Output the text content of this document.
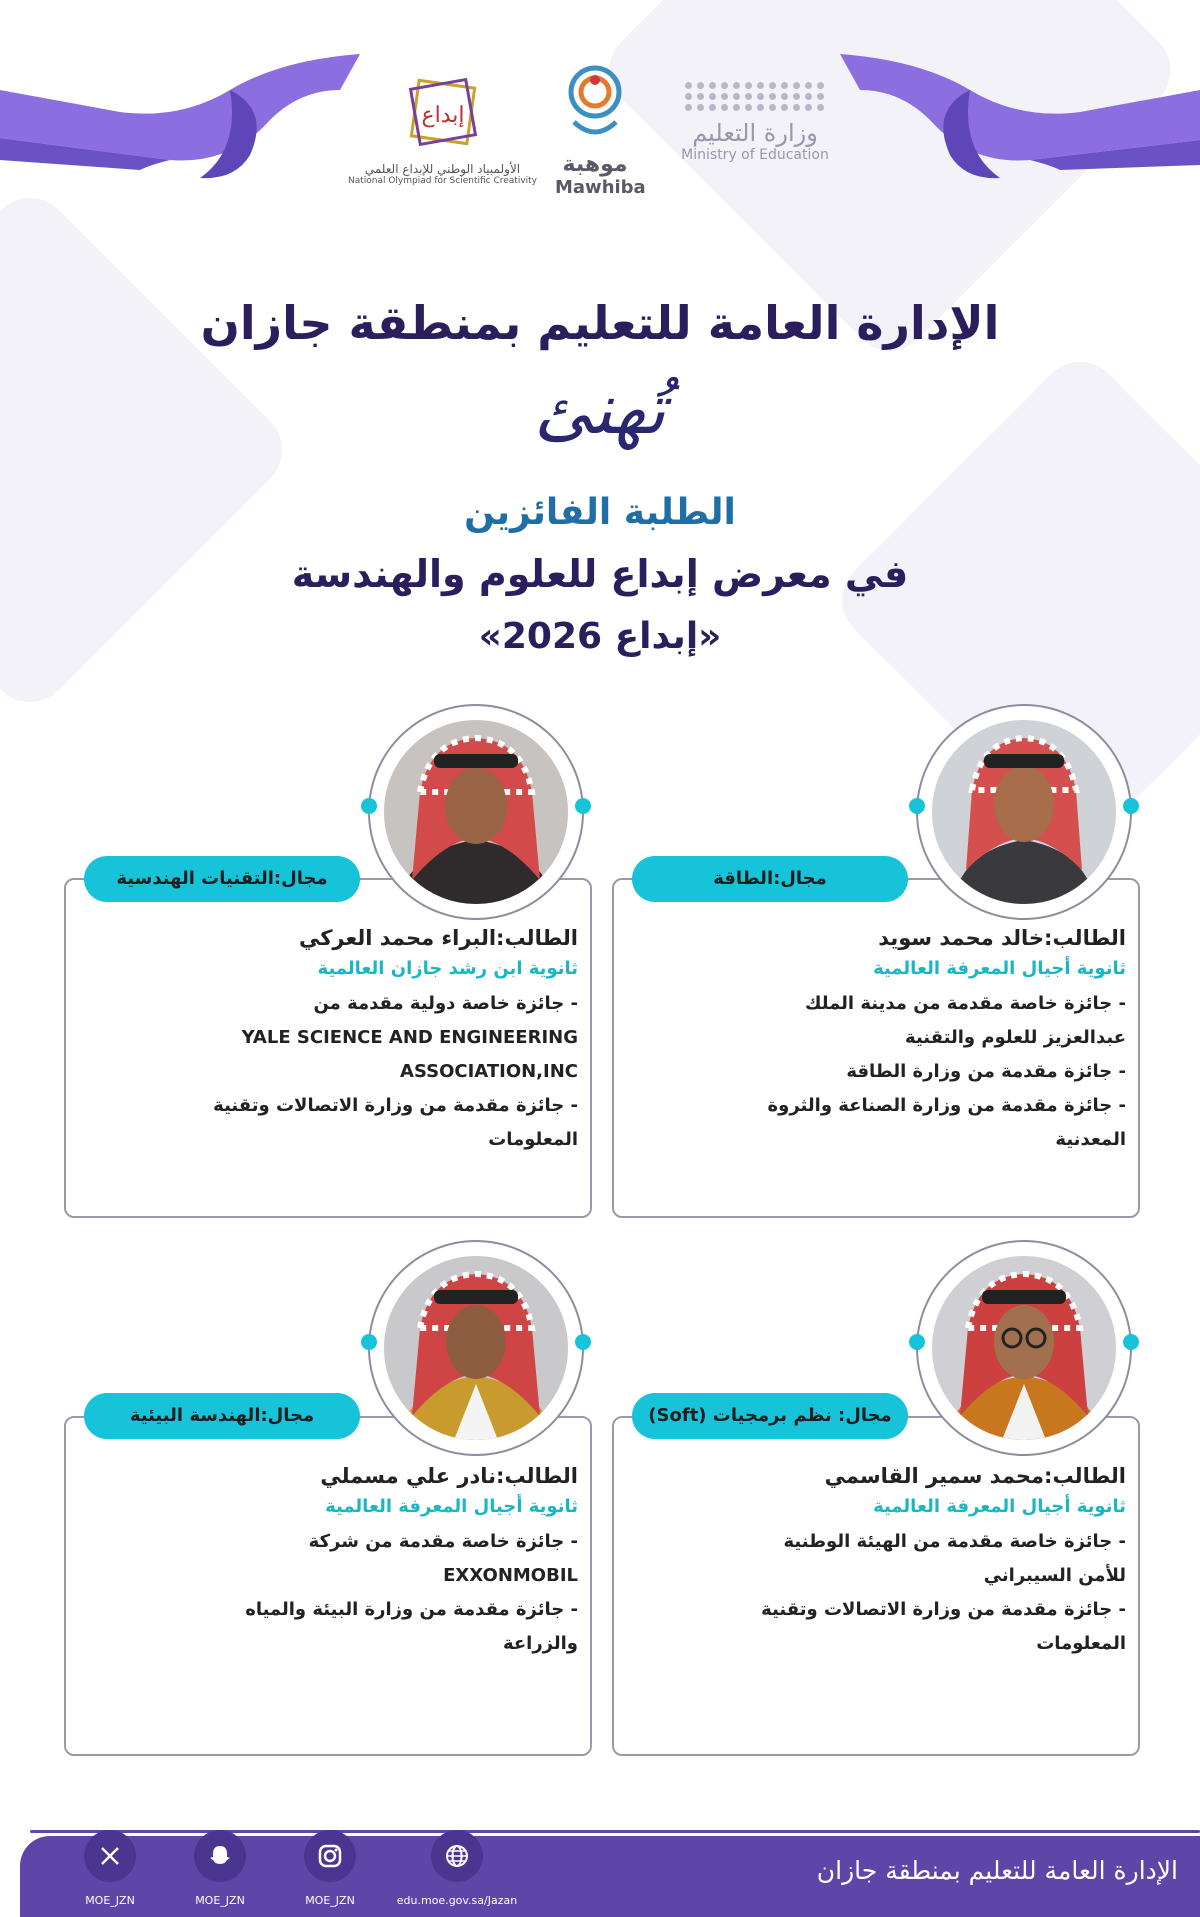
إبداع
الأولمبياد الوطني للإبداع العلمي
National Olympiad for Scientific Creativity
موهبة
Mawhiba
وزارة التعليم
Ministry of Education
الإدارة العامة للتعليم بمنطقة جازان
تُهنئ
الطلبة الفائزين
في معرض إبداع للعلوم والهندسة
«إبداع 2026»
الطالب:خالد محمد سويد
ثانوية أجيال المعرفة العالمية
- جائزة خاصة مقدمة من مدينة الملك
عبدالعزيز للعلوم والتقنية
- جائزة مقدمة من وزارة الطاقة
- جائزة مقدمة من وزارة الصناعة والثروة
المعدنية
مجال:الطاقة
الطالب:البراء محمد العركي
ثانوية ابن رشد جازان العالمية
- جائزة خاصة دولية مقدمة من
YALE SCIENCE AND ENGINEERING
ASSOCIATION,INC
- جائزة مقدمة من وزارة الاتصالات وتقنية
المعلومات
مجال:التقنيات الهندسية
الطالب:محمد سمير القاسمي
ثانوية أجيال المعرفة العالمية
- جائزة خاصة مقدمة من الهيئة الوطنية
للأمن السيبراني
- جائزة مقدمة من وزارة الاتصالات وتقنية
المعلومات
مجال: نظم برمجيات (Soft)
الطالب:نادر علي مسملي
ثانوية أجيال المعرفة العالمية
- جائزة خاصة مقدمة من شركة
EXXONMOBIL
- جائزة مقدمة من وزارة البيئة والمياه
والزراعة
مجال:الهندسة البيئية
الإدارة العامة للتعليم بمنطقة جازان
MOE_JZN	MOE_JZN	MOE_JZN	edu.moe.gov.sa/Jazan
